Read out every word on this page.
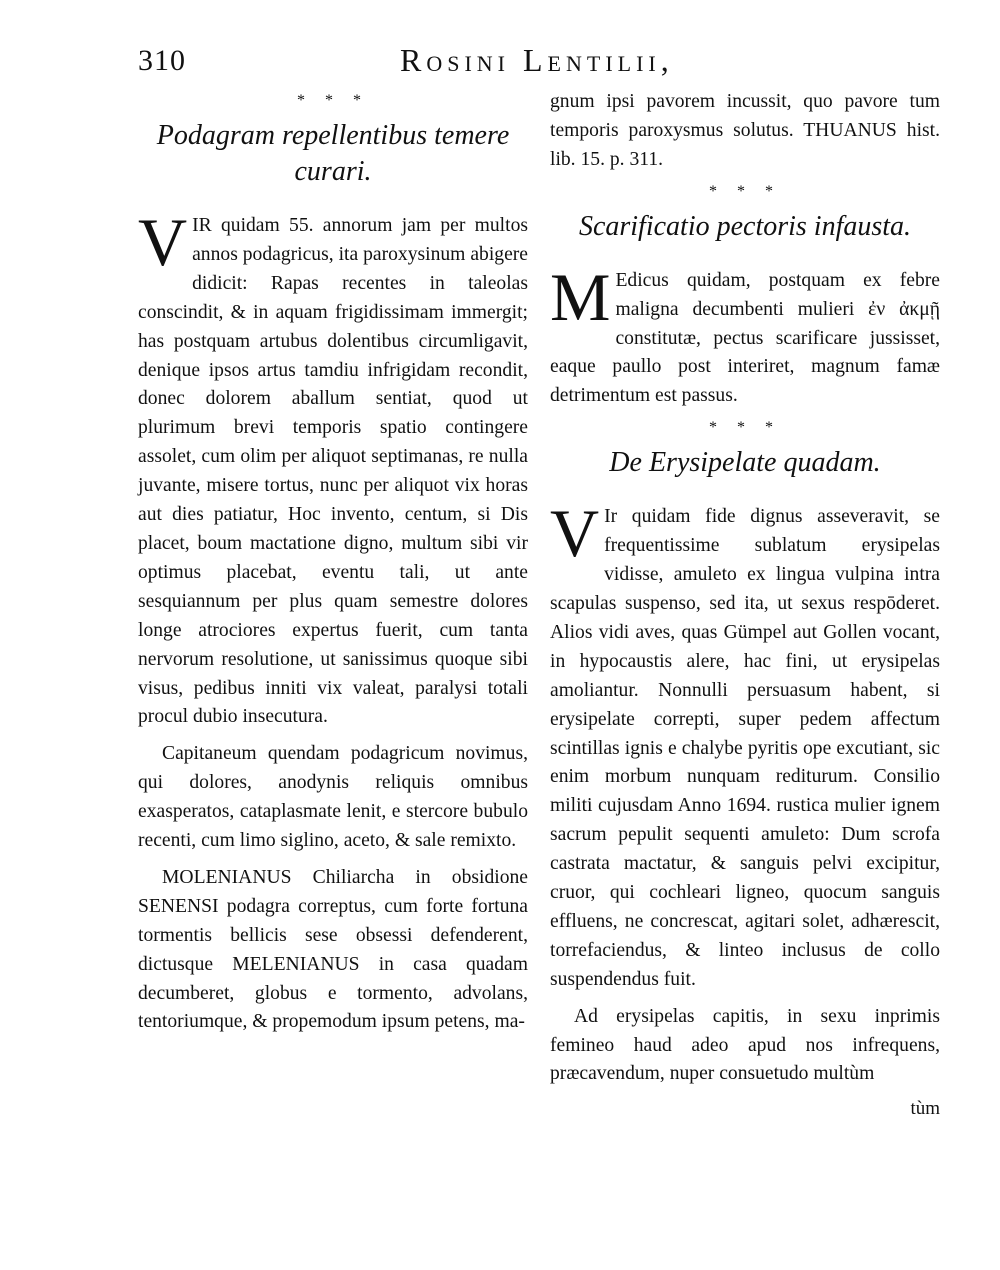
310	Rosini Lentilii,
* * *
Podagram repellentibus temere curari.

VIR quidam 55. annorum jam per multos annos podagricus, ita paroxysinum abigere didicit: Rapas recentes in taleolas conscindit, & in aquam frigidissimam immergit; has postquam artubus dolentibus circumligavit, denique ipsos artus tamdiu infrigidam recondit, donec dolorem aballum sentiat, quod ut plurimum brevi temporis spatio contingere assolet, cum olim per aliquot septimanas, re nulla juvante, misere tortus, nunc per aliquot vix horas aut dies patiatur, Hoc invento, centum, si Dis placet, boum mactatione digno, multum sibi vir optimus placebat, eventu tali, ut ante sesquiannum per plus quam semestre dolores longe atrociores expertus fuerit, cum tanta nervorum resolutione, ut sanissimus quoque sibi visus, pedibus inniti vix valeat, paralysi totali procul dubio insecutura.

Capitaneum quendam podagricum novimus, qui dolores, anodynis reliquis omnibus exasperatos, cataplasmate lenit, e stercore bubulo recenti, cum limo siglino, aceto, & sale remixto.

MOLENIANUS Chiliarcha in obsidione SENENSI podagra correptus, cum forte fortuna tormentis bellicis sese obsessi defenderent, dictusque MELENIANUS in casa quadam decumberet, globus e tormento, advolans, tentoriumque, & propemodum ipsum petens, ma-

gnum ipsi pavorem incussit, quo pavore tum temporis paroxysmus solutus. THUANUS hist. lib. 15. p. 311.

* * *
Scarificatio pectoris infausta.

M Edicus quidam, postquam ex febre maligna decumbenti mulieri ἐν ἀκμῇ constitutæ, pectus scarificare jussisset, eaque paullo post interiret, magnum famæ detrimentum est passus.

* * *
De Erysipelate quadam.

V Ir quidam fide dignus asseveravit, se frequentissime sublatum erysipelas vidisse, amuleto ex lingua vulpina intra scapulas suspenso, sed ita, ut sexus respōderet. Alios vidi aves, quas Gümpel aut Gollen vocant, in hypocaustis alere, hac fini, ut erysipelas amoliantur. Nonnulli persuasum habent, si erysipelate correpti, super pedem affectum scintillas ignis e chalybe pyritis ope excutiant, sic enim morbum nunquam rediturum. Consilio militi cujusdam Anno 1694. rustica mulier ignem sacrum pepulit sequenti amuleto: Dum scrofa castrata mactatur, & sanguis pelvi excipitur, cruor, qui cochleari ligneo, quocum sanguis effluens, ne concrescat, agitari solet, adhærescit, torrefaciendus, & linteo inclusus de collo suspendendus fuit.

Ad erysipelas capitis, in sexu inprimis femineo haud adeo apud nos infrequens, præcavendum, nuper consuetudo multùm

tùm
